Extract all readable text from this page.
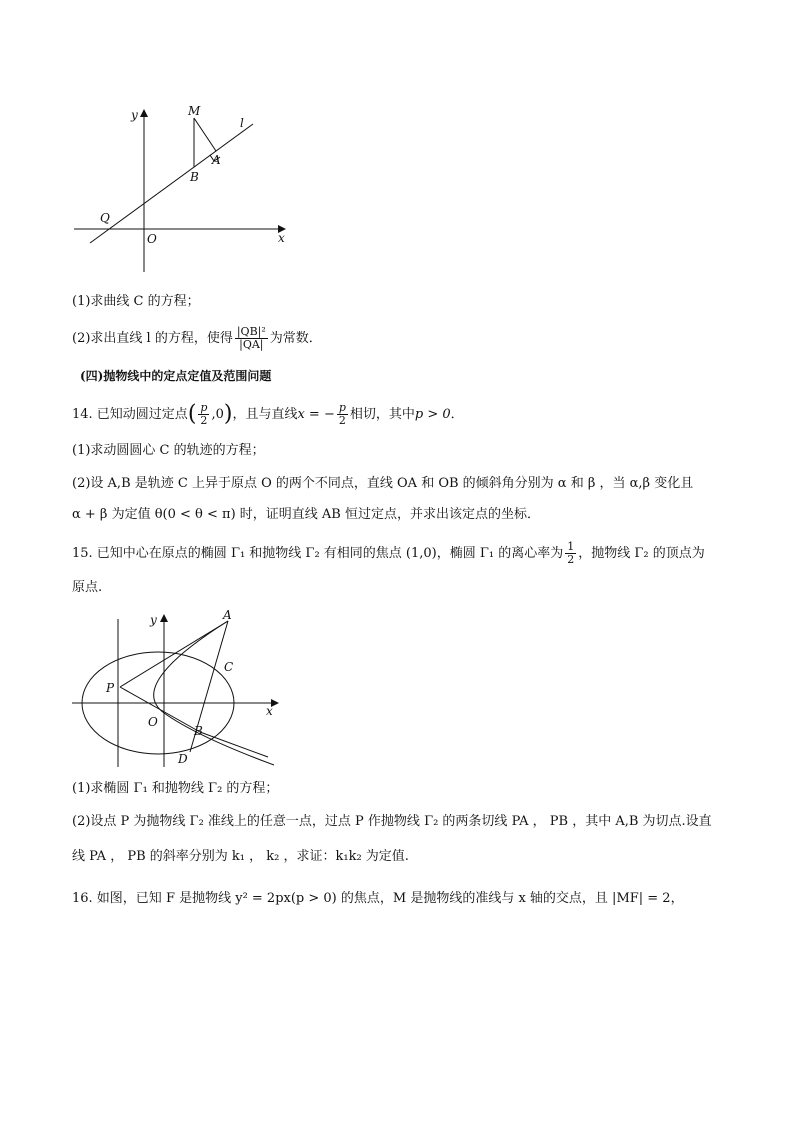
y	M
l
A
B
Q
O	x
(1)求曲线 C 的方程；
(2)求出直线 l 的方程，使得 $\frac{\text{|QB|²}}{|QA|}$ 为常数．
(四)抛物线中的定点定值及范围问题
14. 已知动圆过定点( $\frac{p}{2} ,0$)，且与直线x = − $\frac{p}{2}$ 相切，其中p > 0．
(1)求动圆圆心 C 的轨迹的方程；
(2)设 A,B 是轨迹 C 上异于原点 O 的两个不同点，直线 OA 和 OB 的倾斜角分别为 α 和 β ，当 α,β 变化且
α + β 为定值 θ(0 < θ < π) 时，证明直线 AB 恒过定点，并求出该定点的坐标．
15. 已知中心在原点的椭圆 Γ₁ 和抛物线 Γ₂ 有相同的焦点 (1,0)，椭圆 Γ₁ 的离心率为 $\frac{1}{2}$ ，抛物线 Γ₂ 的顶点为
原点.
y	A
C
P
x
O
B
D
(1)求椭圆 Γ₁ 和抛物线 Γ₂ 的方程；
(2)设点 P 为抛物线 Γ₂ 准线上的任意一点，过点 P 作抛物线 Γ₂ 的两条切线 PA ， PB ，其中 A,B 为切点.设直
线 PA ， PB 的斜率分别为 k₁ ， k₂ ，求证：k₁k₂ 为定值.
16. 如图，已知 F 是抛物线 y² = 2px(p > 0) 的焦点，M 是抛物线的准线与 x 轴的交点，且 |MF| = 2，
